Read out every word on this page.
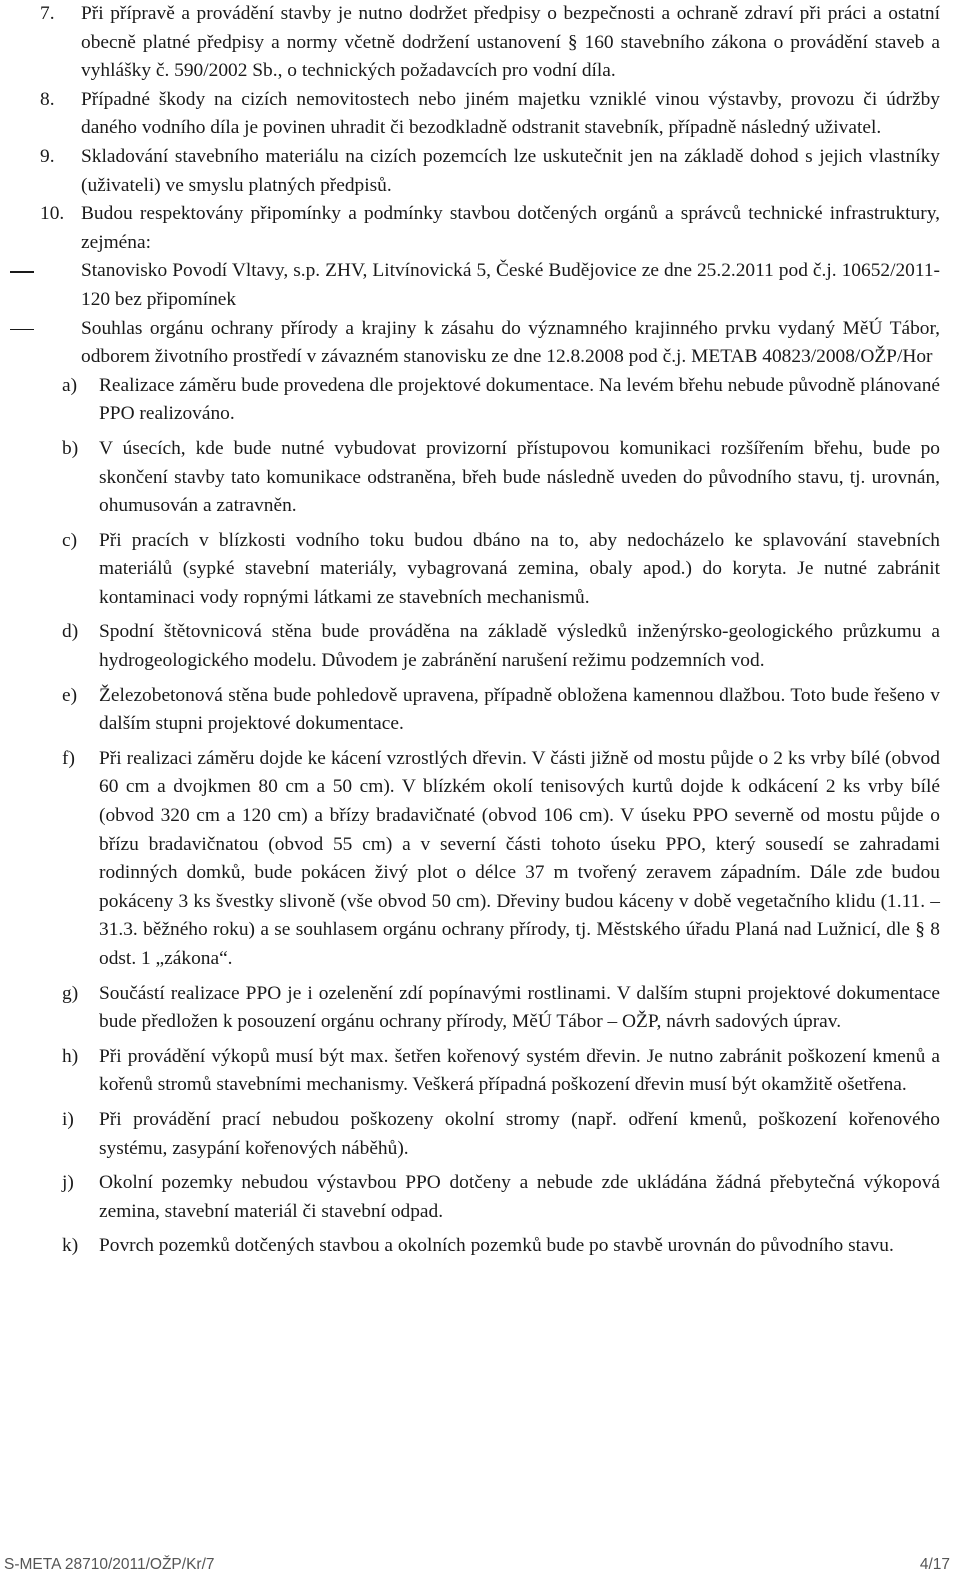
7.	Při přípravě a provádění stavby je nutno dodržet předpisy o bezpečnosti a ochraně zdraví při práci a ostatní obecně platné předpisy a normy včetně dodržení ustanovení § 160 stavebního zákona o provádění staveb a vyhlášky č. 590/2002 Sb., o technických požadavcích pro vodní díla.
8.	Případné škody na cizích nemovitostech nebo jiném majetku vzniklé vinou výstavby, provozu či údržby daného vodního díla je povinen uhradit či bezodkladně odstranit stavebník, případně následný uživatel.
9.	Skladování stavebního materiálu na cizích pozemcích lze uskutečnit jen na základě dohod s jejich vlastníky (uživateli) ve smyslu platných předpisů.
10. Budou respektovány připomínky a podmínky stavbou dotčených orgánů a správců technické infrastruktury, zejména:
Stanovisko Povodí Vltavy, s.p. ZHV, Litvínovická 5, České Budějovice ze dne 25.2.2011 pod č.j. 10652/2011-120 bez připomínek
Souhlas orgánu ochrany přírody a krajiny k zásahu do významného krajinného prvku vydaný MěÚ Tábor, odborem životního prostředí v závazném stanovisku ze dne 12.8.2008 pod č.j. METAB 40823/2008/OŽP/Hor
a)	Realizace záměru bude provedena dle projektové dokumentace. Na levém břehu nebude původně plánované PPO realizováno.
b)	V úsecích, kde bude nutné vybudovat provizorní přístupovou komunikaci rozšířením břehu, bude po skončení stavby tato komunikace odstraněna, břeh bude následně uveden do původního stavu, tj. urovnán, ohumusován a zatravněn.
c)	Při pracích v blízkosti vodního toku budou dbáno na to, aby nedocházelo ke splavování stavebních materiálů (sypké stavební materiály, vybagrovaná zemina, obaly apod.) do koryta. Je nutné zabránit kontaminaci vody ropnými látkami ze stavebních mechanismů.
d)	Spodní štětovnicová stěna bude prováděna na základě výsledků inženýrsko-geologického průzkumu a hydrogeologického modelu. Důvodem je zabránění narušení režimu podzemních vod.
e)	Železobetonová stěna bude pohledově upravena, případně obložena kamennou dlažbou. Toto bude řešeno v dalším stupni projektové dokumentace.
f)	Při realizaci záměru dojde ke kácení vzrostlých dřevin. V části jižně od mostu půjde o 2 ks vrby bílé (obvod 60 cm a dvojkmen 80 cm a 50 cm). V blízkém okolí tenisových kurtů dojde k odkácení 2 ks vrby bílé (obvod 320 cm a 120 cm) a břízy bradavičnaté (obvod 106 cm). V úseku PPO severně od mostu půjde o břízu bradavičnatou (obvod 55 cm) a v severní části tohoto úseku PPO, který sousedí se zahradami rodinných domků, bude pokácen živý plot o délce 37 m tvořený zeravem západním. Dále zde budou pokáceny 3 ks švestky slivoně (vše obvod 50 cm). Dřeviny budou káceny v době vegetačního klidu (1.11. – 31.3. běžného roku) a se souhlasem orgánu ochrany přírody, tj. Městského úřadu Planá nad Lužnicí, dle § 8 odst. 1 „zákona“.
g)	Součástí realizace PPO je i ozelenění zdí popínavými rostlinami. V dalším stupni projektové dokumentace bude předložen k posouzení orgánu ochrany přírody, MěÚ Tábor – OŽP, návrh sadových úprav.
h)	Při provádění výkopů musí být max. šetřen kořenový systém dřevin. Je nutno zabránit poškození kmenů a kořenů stromů stavebními mechanismy. Veškerá případná poškození dřevin musí být okamžitě ošetřena.
i)	Při provádění prací nebudou poškozeny okolní stromy (např. odření kmenů, poškození kořenového systému, zasypání kořenových náběhů).
j)	Okolní pozemky nebudou výstavbou PPO dotčeny a nebude zde ukládána žádná přebytečná výkopová zemina, stavební materiál či stavební odpad.
k)	Povrch pozemků dotčených stavbou a okolních pozemků bude po stavbě urovnán do původního stavu.
S-META 28710/2011/OŽP/Kr/7	4/17
